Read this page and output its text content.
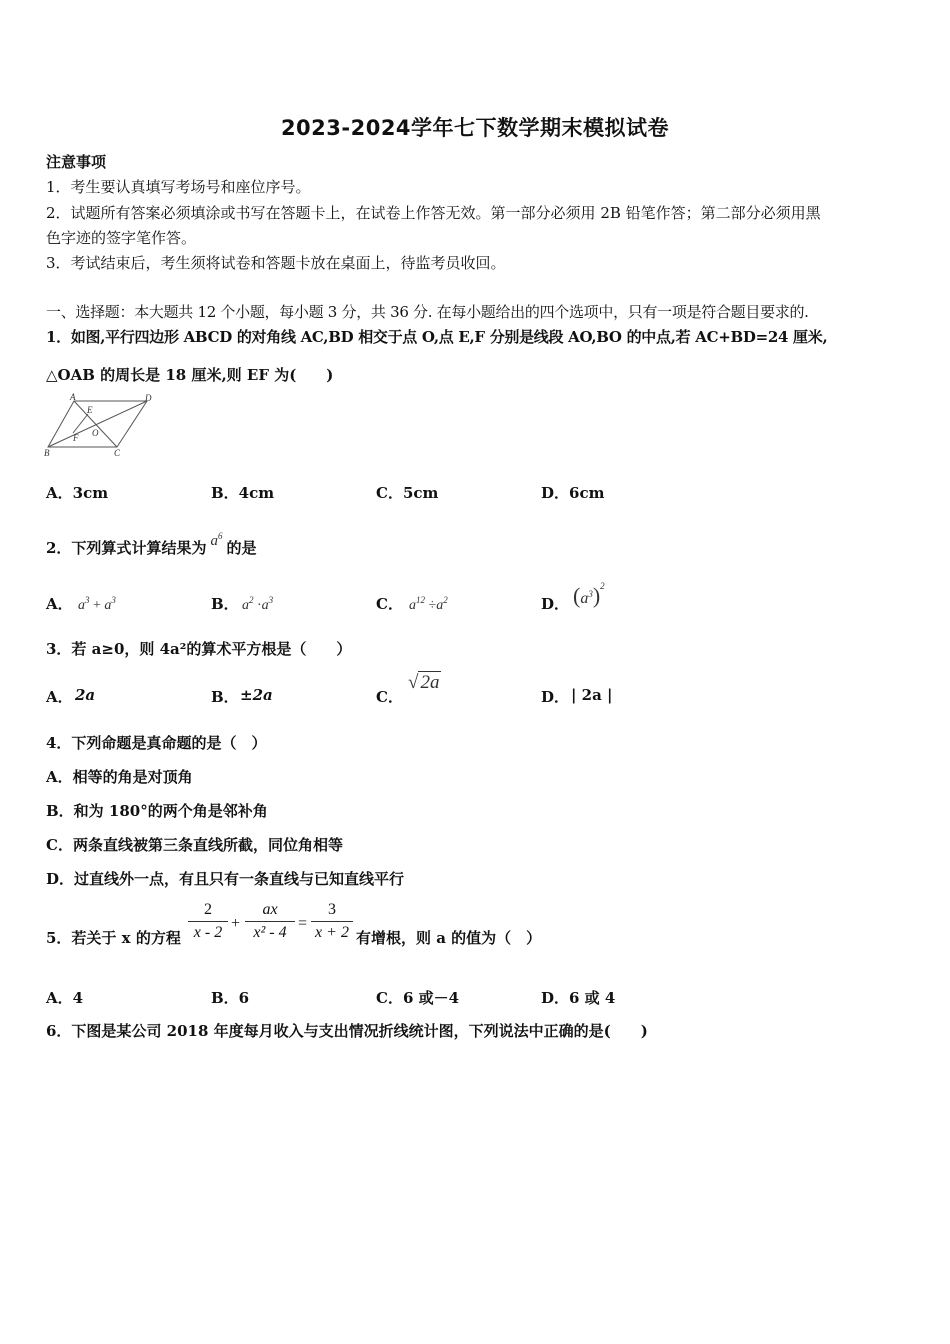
2023-2024学年七下数学期末模拟试卷
注意事项
1．考生要认真填写考场号和座位序号。
2．试题所有答案必须填涂或书写在答题卡上，在试卷上作答无效。第一部分必须用 2B 铅笔作答；第二部分必须用黑
色字迹的签字笔作答。
3．考试结束后，考生须将试卷和答题卡放在桌面上，待监考员收回。
一、选择题：本大题共 12 个小题，每小题 3 分，共 36 分. 在每小题给出的四个选项中，只有一项是符合题目要求的.
1．如图,平行四边形 ABCD 的对角线 AC,BD 相交于点 O,点 E,F 分别是线段 AO,BO 的中点,若 AC+BD=24 厘米,
△OAB 的周长是 18 厘米,则 EF 为(　　)
A	D
E
O
F
B	C
A．3cm	B．4cm	C．5cm	D．6cm
2．下列算式计算结果为 $a^6$的是
A． $a^3 + a^3$	B． $a^2 \cdot a^3$	C． $a^{12} \div a^2$	D． $(a^3)^2$
3．若 a≥0，则 4a²的算术平方根是（　　）
A． 2a	B． ±2a	C．
√ 2a
D． | 2a |
4．下列命题是真命题的是（　）
A．相等的角是对顶角
B．和为 180°的两个角是邻补角
C．两条直线被第三条直线所截，同位角相等
D．过直线外一点，有且只有一条直线与已知直线平行
5．若关于 x 的方程
2
x - 2
+
ax
x² - 4
=
3
x + 2 有增根，则 a 的值为（　）
A．4	B．6	C．6 或－4	D．6 或 4
6．下图是某公司 2018 年度每月收入与支出情况折线统计图，下列说法中正确的是(　　)
